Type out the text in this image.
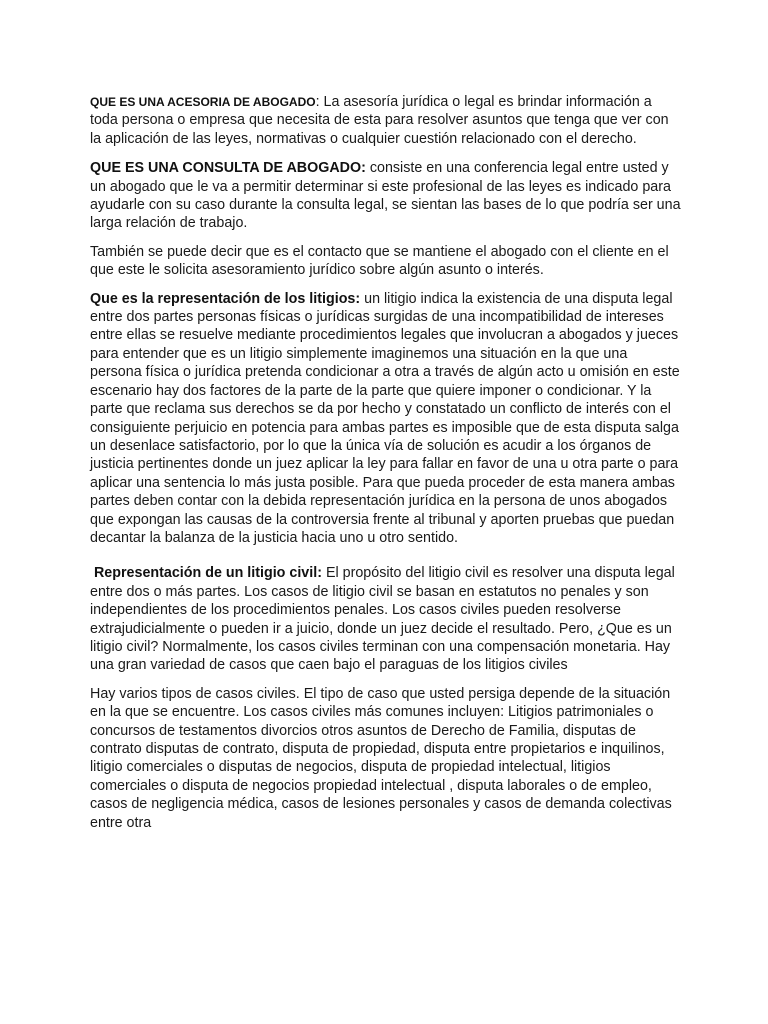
QUE ES UNA ACESORIA DE ABOGADO: La asesoría jurídica o legal es brindar información a toda persona o empresa que necesita de esta para resolver asuntos que tenga que ver con la aplicación de las leyes, normativas o cualquier cuestión relacionado con el derecho.

QUE ES UNA CONSULTA DE ABOGADO: consiste en una conferencia legal entre usted y un abogado que le va a permitir determinar si este profesional de las leyes es indicado para ayudarle con su caso durante la consulta legal, se sientan las bases de lo que podría ser una larga relación de trabajo.

También se puede decir que es el contacto que se mantiene el abogado con el cliente en el que este le solicita asesoramiento jurídico sobre algún asunto o interés.

Que es la representación de los litigios: un litigio indica la existencia de una disputa legal entre dos partes personas físicas o jurídicas surgidas de una incompatibilidad de intereses entre ellas se resuelve mediante procedimientos legales que involucran a abogados y jueces para entender que es un litigio simplemente imaginemos una situación en la que una persona física o jurídica pretenda condicionar a otra a través de algún acto u omisión en este escenario hay dos factores de la parte de la parte que quiere imponer o condicionar. Y la parte que reclama sus derechos se da por hecho y constatado un conflicto de interés con el consiguiente perjuicio en potencia para ambas partes es imposible que de esta disputa salga un desenlace satisfactorio, por lo que la única vía de solución es acudir a los órganos de justicia pertinentes donde un juez aplicar la ley para fallar en favor de una u otra parte o para aplicar una sentencia lo más justa posible. Para que pueda proceder de esta manera ambas partes deben contar con la debida representación jurídica en la persona de unos abogados que expongan las causas de la controversia frente al tribunal y aporten pruebas que puedan decantar la balanza de la justicia hacia uno u otro sentido.

Representación de un litigio civil: El propósito del litigio civil es resolver una disputa legal entre dos o más partes. Los casos de litigio civil se basan en estatutos no penales y son independientes de los procedimientos penales. Los casos civiles pueden resolverse extrajudicialmente o pueden ir a juicio, donde un juez decide el resultado. Pero, ¿Que es un litigio civil? Normalmente, los casos civiles terminan con una compensación monetaria. Hay una gran variedad de casos que caen bajo el paraguas de los litigios civiles

Hay varios tipos de casos civiles. El tipo de caso que usted persiga depende de la situación en la que se encuentre. Los casos civiles más comunes incluyen: Litigios patrimoniales o concursos de testamentos divorcios otros asuntos de Derecho de Familia, disputas de contrato disputas de contrato, disputa de propiedad, disputa entre propietarios e inquilinos, litigio comerciales o disputas de negocios, disputa de propiedad intelectual, litigios comerciales o disputa de negocios propiedad intelectual , disputa laborales o de empleo, casos de negligencia médica, casos de lesiones personales y casos de demanda colectivas entre otra
